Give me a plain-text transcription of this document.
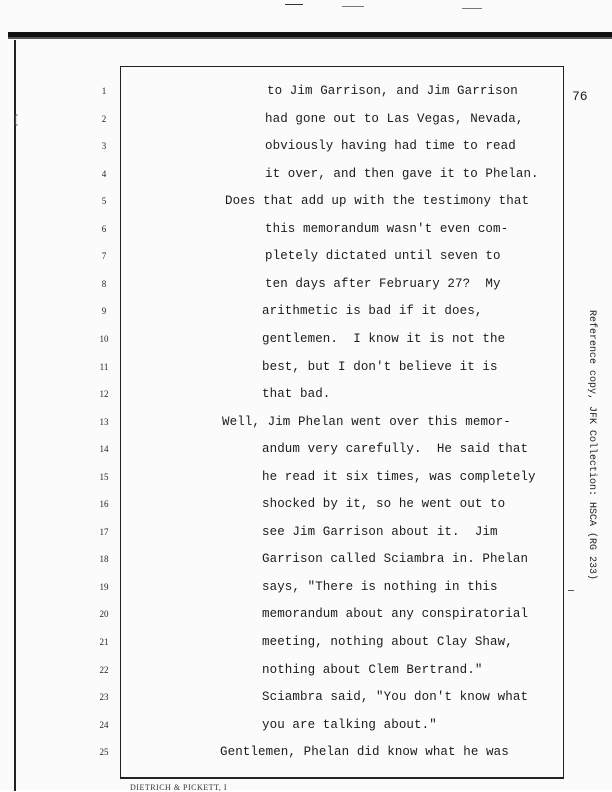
[
76
1	to Jim Garrison, and Jim Garrison
2	had gone out to Las Vegas, Nevada,
3	obviously having had time to read
4	it over, and then gave it to Phelan.
5	Does that add up with the testimony that
6	this memorandum wasn't even com-
7	pletely dictated until seven to
8	ten days after February 27?  My
9	arithmetic is bad if it does,
10	gentlemen.  I know it is not the
11	best, but I don't believe it is
12	that bad.
13	Well, Jim Phelan went over this memor-
14	andum very carefully.  He said that
15	he read it six times, was completely
16	shocked by it, so he went out to
17	see Jim Garrison about it.  Jim
18	Garrison called Sciambra in. Phelan
19	says, "There is nothing in this
20	memorandum about any conspiratorial
21	meeting, nothing about Clay Shaw,
22	nothing about Clem Bertrand."
23	Sciambra said, "You don't know what
24	you are talking about."
25	Gentlemen, Phelan did know what he was
Reference copy, JFK Collection: HSCA (RG 233)
DIETRICH & PICKETT, I
